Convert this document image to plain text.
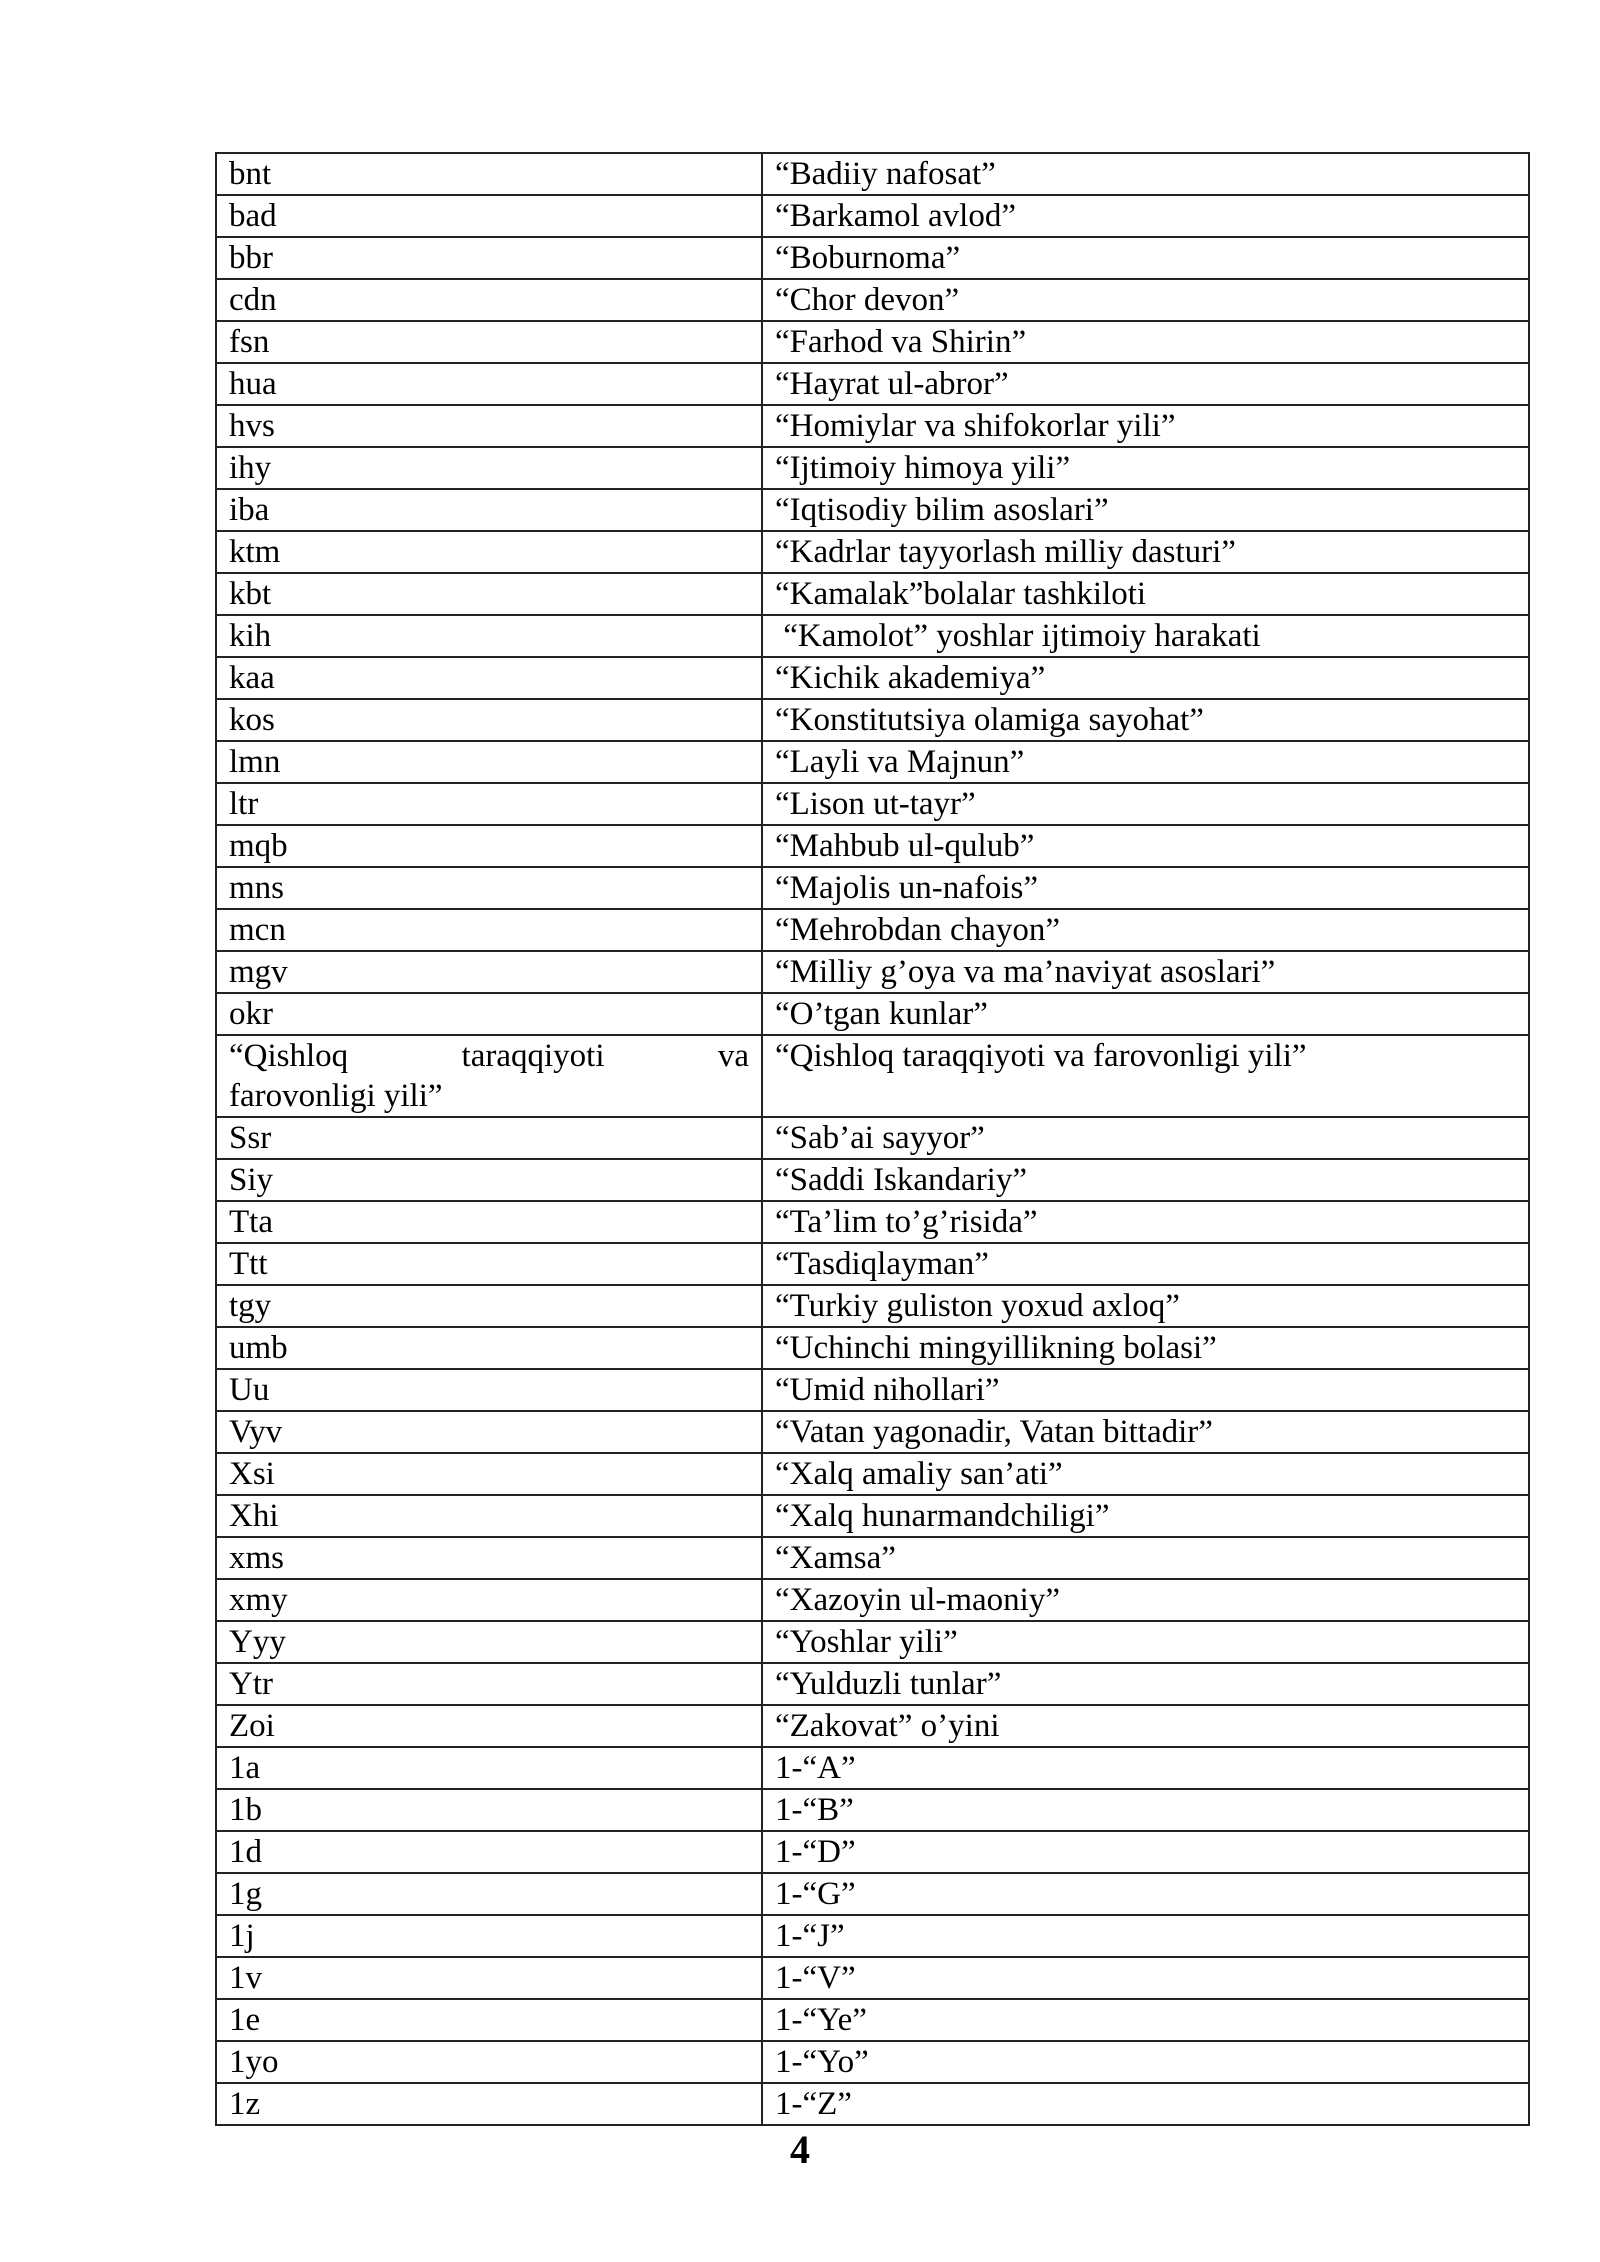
bnt	“Badiiy nafosat”
bad	“Barkamol avlod”
bbr	“Boburnoma”
cdn	“Chor devon”
fsn	“Farhod va Shirin”
hua	“Hayrat ul-abror”
hvs	“Homiylar va shifokorlar yili”
ihy	“Ijtimoiy himoya yili”
iba	“Iqtisodiy bilim asoslari”
ktm	“Kadrlar tayyorlash milliy dasturi”
kbt	“Kamalak”bolalar tashkiloti
kih	“Kamolot” yoshlar ijtimoiy harakati
kaa	“Kichik akademiya”
kos	“Konstitutsiya olamiga sayohat”
lmn	“Layli va Majnun”
ltr	“Lison ut-tayr”
mqb	“Mahbub ul-qulub”
mns	“Majolis un-nafois”
mcn	“Mehrobdan chayon”
mgv	“Milliy g’oya va ma’naviyat asoslari”
okr	“O’tgan kunlar”
“Qishloq taraqqiyoti va
farovonligi yili”	“Qishloq taraqqiyoti va farovonligi yili”
Ssr	“Sab’ai sayyor”
Siy	“Saddi Iskandariy”
Tta	“Ta’lim to’g’risida”
Ttt	“Tasdiqlayman”
tgy	“Turkiy guliston yoxud axloq”
umb	“Uchinchi mingyillikning bolasi”
Uu	“Umid nihollari”
Vyv	“Vatan yagonadir, Vatan bittadir”
Xsi	“Xalq amaliy san’ati”
Xhi	“Xalq hunarmandchiligi”
xms	“Xamsa”
xmy	“Xazoyin ul-maoniy”
Yyy	“Yoshlar yili”
Ytr	“Yulduzli tunlar”
Zoi	“Zakovat” o’yini
1a	1-“A”
1b	1-“B”
1d	1-“D”
1g	1-“G”
1j	1-“J”
1v	1-“V”
1e	1-“Ye”
1yo	1-“Yo”
1z	1-“Z”
4
